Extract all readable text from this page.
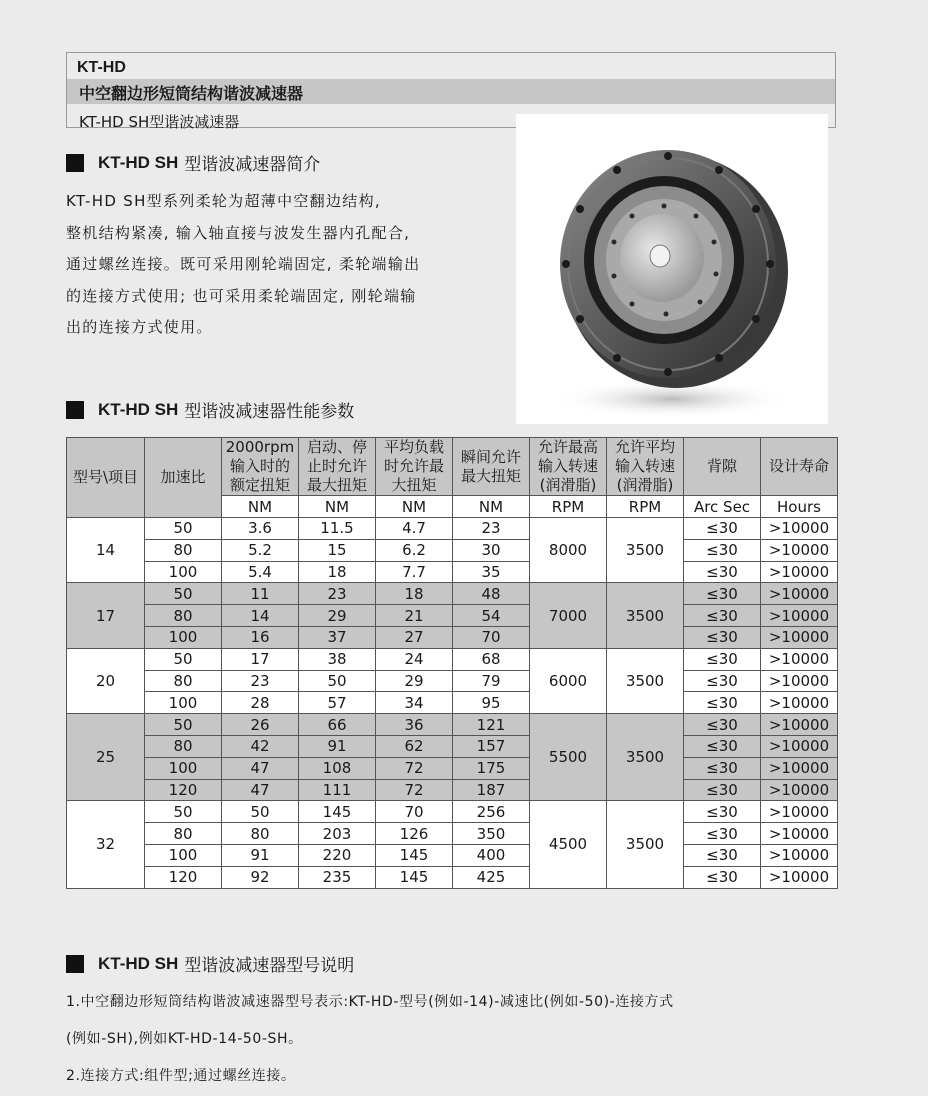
KT-HD
中空翻边形短筒结构谐波减速器
KT-HD SH型谐波减速器
KT-HD SH 型谐波减速器简介

KT-HD SH型系列柔轮为超薄中空翻边结构,

整机结构紧凑, 输入轴直接与波发生器内孔配合,

通过螺丝连接。既可采用刚轮端固定, 柔轮端输出

的连接方式使用; 也可采用柔轮端固定, 刚轮端输

出的连接方式使用。

KT-HD SH 型谐波减速器性能参数
型号\项目	加速比	2000rpm 输入时的 额定扭矩	启动、停 止时允许 最大扭矩	平均负载 时允许最 大扭矩	瞬间允许 最大扭矩	允许最高 输入转速 (润滑脂)	允许平均 输入转速 (润滑脂)	背隙	设计寿命
		NM	NM	NM	NM	RPM	RPM	Arc Sec	Hours
14	50	3.6	11.5	4.7	23	8000	3500	≤30	>10000
	80	5.2	15	6.2	30			≤30	>10000
	100	5.4	18	7.7	35			≤30	>10000
17	50	11	23	18	48	7000	3500	≤30	>10000
	80	14	29	21	54			≤30	>10000
	100	16	37	27	70			≤30	>10000
20	50	17	38	24	68	6000	3500	≤30	>10000
	80	23	50	29	79			≤30	>10000
	100	28	57	34	95			≤30	>10000
25	50	26	66	36	121	5500	3500	≤30	>10000
	80	42	91	62	157			≤30	>10000
	100	47	108	72	175			≤30	>10000
	120	47	111	72	187			≤30	>10000
32	50	50	145	70	256	4500	3500	≤30	>10000
	80	80	203	126	350			≤30	>10000
	100	91	220	145	400			≤30	>10000
	120	92	235	145	425			≤30	>10000
KT-HD SH 型谐波减速器型号说明

1.中空翻边形短筒结构谐波减速器型号表示:KT-HD-型号(例如-14)-减速比(例如-50)-连接方式

(例如-SH),例如KT-HD-14-50-SH。

2.连接方式:组件型;通过螺丝连接。
